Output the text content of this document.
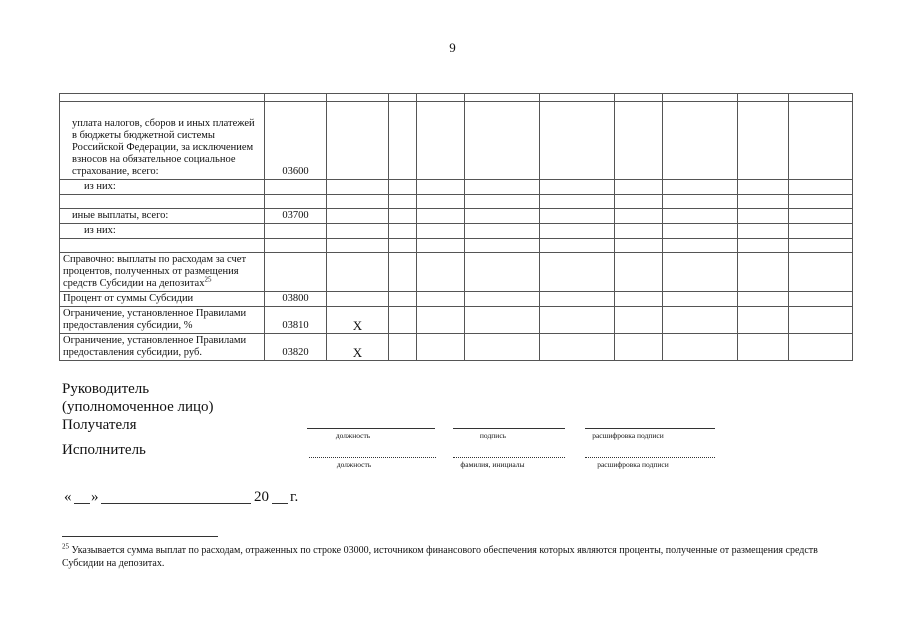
9

уплата налогов, сборов и иных платежей в бюджеты бюджетной системы Российской Федерации, за исключением взносов на обязательное социальное страхование, всего:	03600									
из них:										

иные выплаты, всего:	03700									
из них:										

Справочно: выплаты по расходам за счет процентов, полученных от размещения средств Субсидии на депозитах$^{25}$										
Процент от суммы Субсидии	03800									
Ограничение, установленное Правилами предоставления субсидии, %	03810	X								
Ограничение, установленное Правилами предоставления субсидии, руб.	03820	X								
Руководитель
(уполномоченное лицо)
Получателя
должность	подпись	расшифровка подписи
Исполнитель
должность	фамилия, инициалы	расшифровка подписи
« »	20 г.
$^{25}$ Указывается сумма выплат по расходам, отраженных по строке 03000, источником финансового обеспечения которых являются проценты, полученные от размещения средств Субсидии на депозитах.
